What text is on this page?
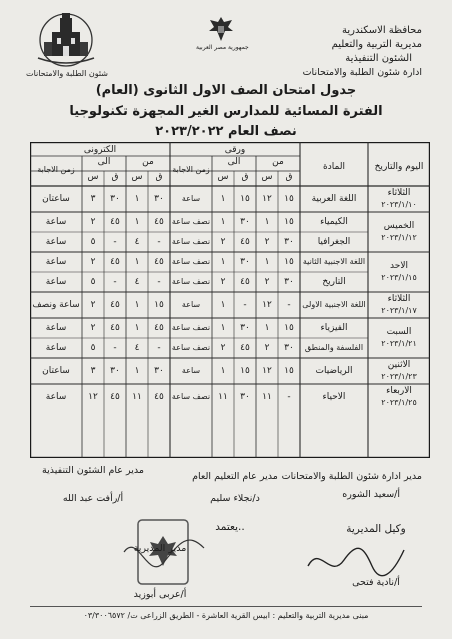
شئون الطلبة والامتحانات
جمهورية مصر العربية
محافظة الاسكندرية
مديرية التربية والتعليم
الشئون التنفيذية
ادارة شئون الطلبة والامتحانات
جدول امتحان الصف الاول الثانوى (العام)
الفترة المسائية للمدارس الغير المجهزة تكنولوجيا
نصف العام ٢٠٢٣/٢٠٢٢
اليوم والتاريخ
المادة
ورقى
الكترونى
من
الى
زمن الاجابة
من
الى
زمن الاجابة
ق
س
ق
س
ق
س
ق
س
اللغة العربية
١٥
١٢
١٥
١
ساعة
٣٠
١
٣٠
٣
ساعتان
الكيمياء
١٥
١
٣٠
١
نصف ساعة
٤٥
١
٤٥
٢
ساعة
الجغرافيا
٣٠
٢
٤٥
٢
نصف ساعة
-
٤
-
٥
ساعة
اللغة الاجنبية الثانية
١٥
١
٣٠
١
نصف ساعة
٤٥
١
٤٥
٢
ساعة
التاريخ
٣٠
٢
٤٥
٢
نصف ساعة
-
٤
-
٥
ساعة
اللغة الاجنبية الاولى
-
١٢
-
١
ساعة
١٥
١
٤٥
٢
ساعة ونصف
الفيزياء
١٥
١
٣٠
١
نصف ساعة
٤٥
١
٤٥
٢
ساعة
الفلسفة والمنطق
٣٠
٢
٤٥
٢
نصف ساعة
-
٤
-
٥
ساعة
الرياضيات
١٥
١٢
١٥
١
ساعة
٣٠
١
٣٠
٣
ساعتان
الاحياء
-
١١
٣٠
١١
نصف ساعة
٤٥
١١
٤٥
١٢
ساعة
الثلاثاء
٢٠٢٣/١/١٠
الخميس
٢٠٢٣/١/١٢
الاحد
٢٠٢٣/١/١٥
الثلاثاء
٢٠٢٣/١/١٧
السبت
٢٠٢٣/١/٢١
الاثنين
٢٠٢٣/١/٢٣
الاربعاء
٢٠٢٣/١/٢٥
مدير ادارة شئون الطلبة والامتحانات
أ/سعيد الشوره
مدير عام التعليم العام
د/نجلاء سليم
مدير عام الشئون التنفيذية
أ/رأفت عبد الله
وكيل المديرية
أ/نادية فتحى
يعتمد..
مدير المديرية
أ/عربى أبوزيد
مبنى مديرية التربية والتعليم : ابيس القرية العاشرة - الطريق الزراعى ت/ ٠٣/٣٠٠٦٥٧٢
